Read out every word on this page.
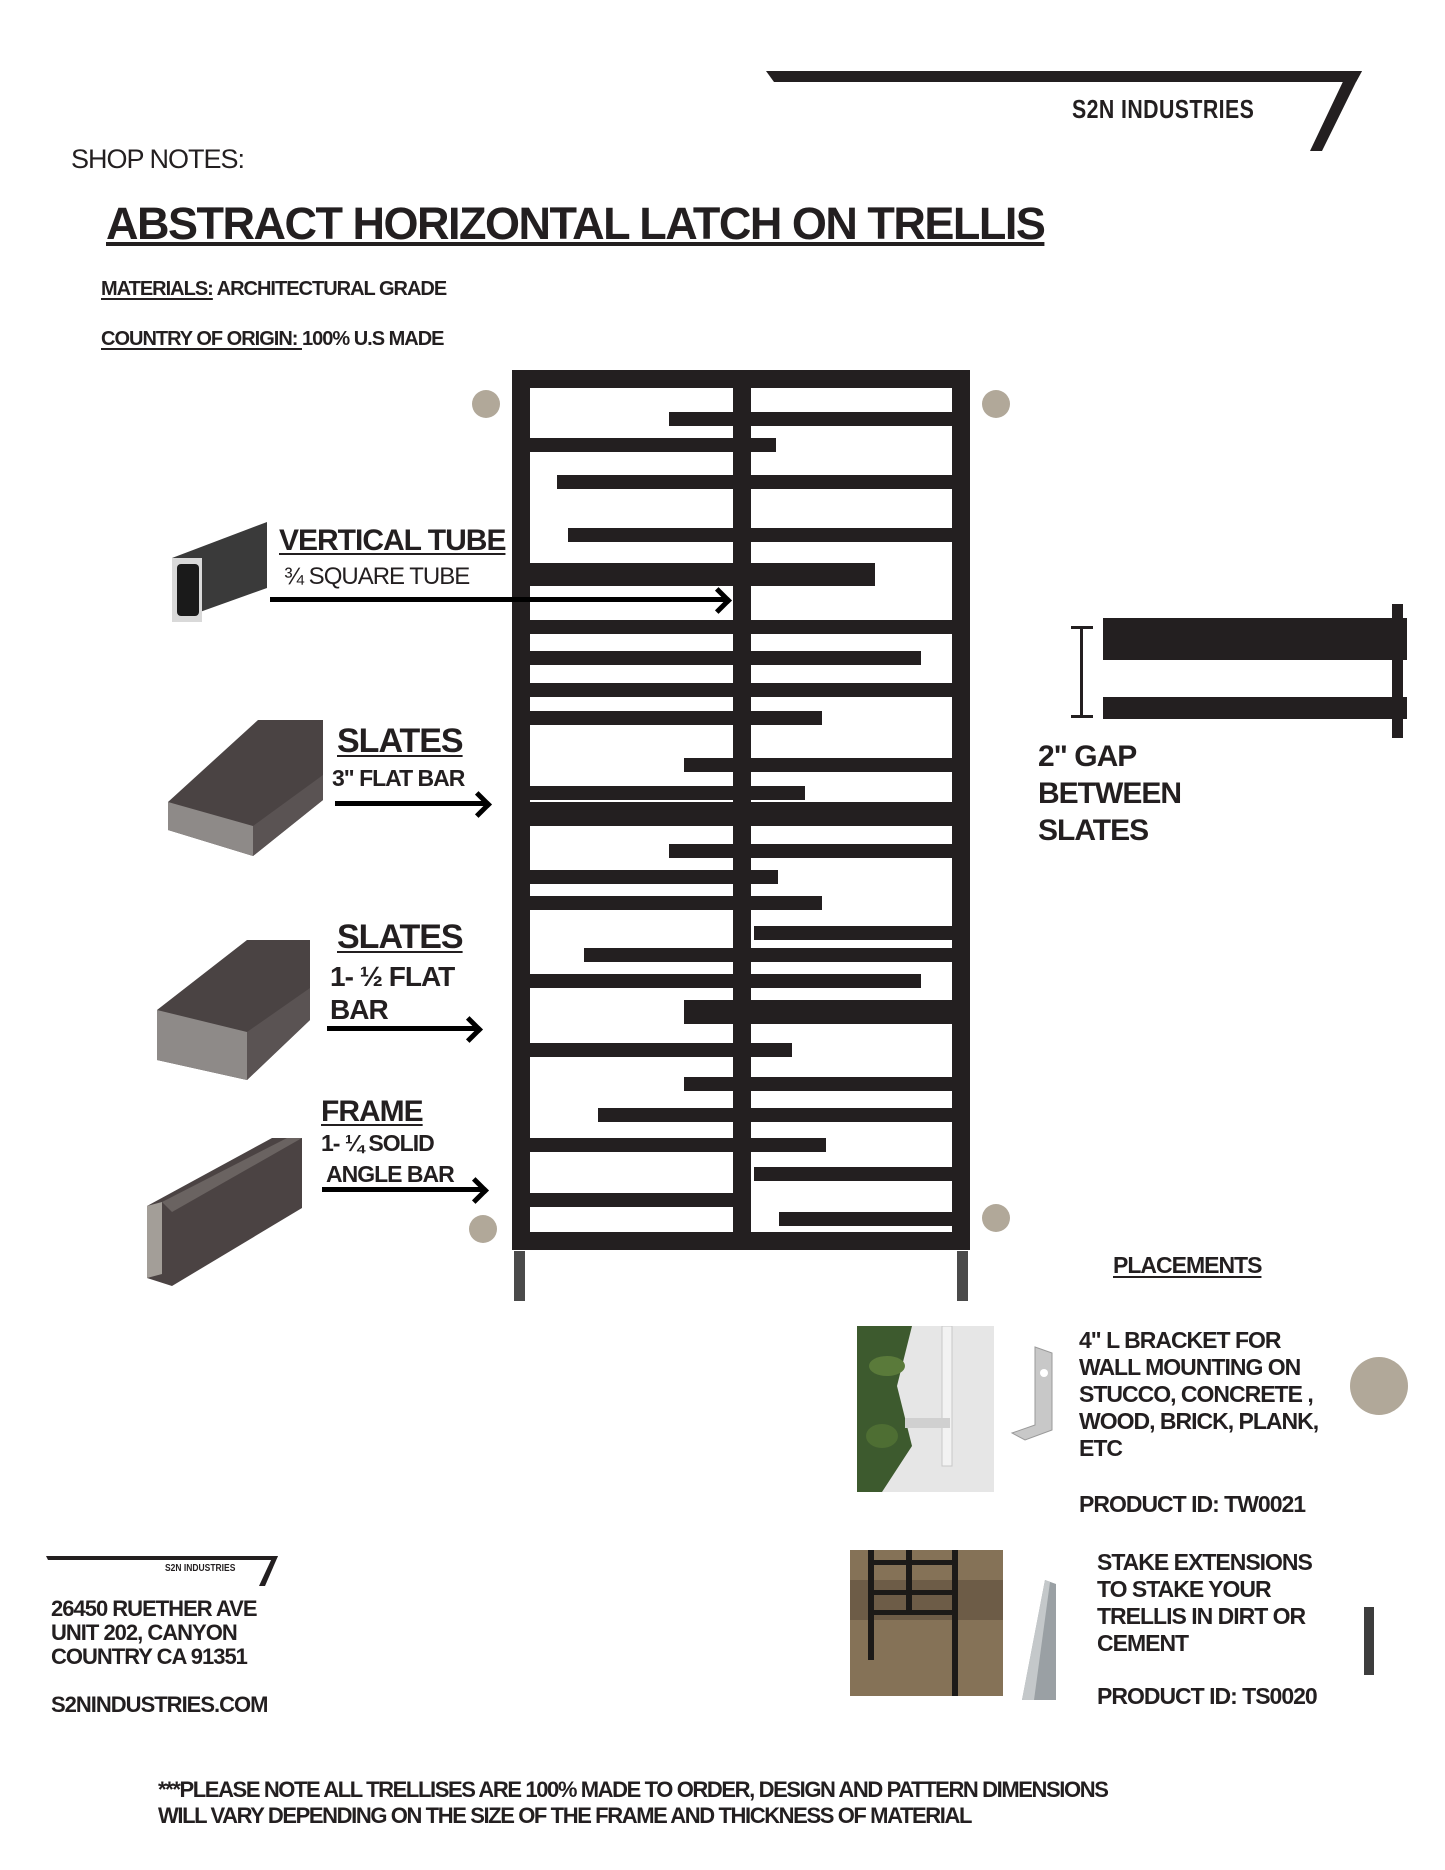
S2N INDUSTRIES
SHOP NOTES:
ABSTRACT HORIZONTAL LATCH ON TRELLIS
MATERIALS: ARCHITECTURAL GRADE
COUNTRY OF ORIGIN: 100% U.S MADE
VERTICAL TUBE
¾ SQUARE TUBE
SLATES
3" FLAT BAR
SLATES
1- ½ FLAT
BAR
FRAME
1- ¼ SOLID
ANGLE BAR
2" GAP
BETWEEN
SLATES
PLACEMENTS
4" L BRACKET FOR
WALL MOUNTING ON
STUCCO, CONCRETE ,
WOOD, BRICK, PLANK,
ETC
PRODUCT ID: TW0021
STAKE EXTENSIONS
TO STAKE YOUR
TRELLIS IN DIRT OR
CEMENT
PRODUCT ID: TS0020
S2N INDUSTRIES
26450 RUETHER AVE
UNIT 202, CANYON
COUNTRY CA 91351
S2NINDUSTRIES.COM
***PLEASE NOTE ALL TRELLISES ARE 100% MADE TO ORDER, DESIGN AND PATTERN DIMENSIONS
WILL VARY DEPENDING ON THE SIZE OF THE FRAME AND THICKNESS OF MATERIAL
